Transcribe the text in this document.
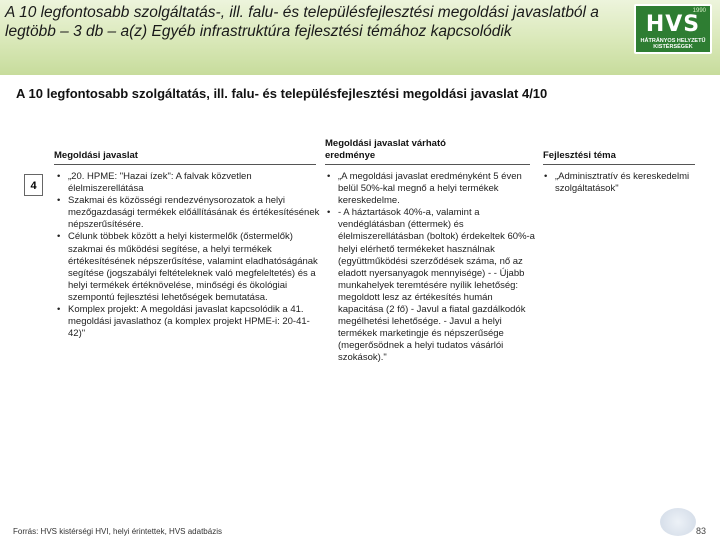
A 10 legfontosabb szolgáltatás-, ill. falu- és településfejlesztési megoldási javaslatból a legtöbb – 3 db – a(z) Egyéb infrastruktúra fejlesztési témához kapcsolódik
1990
HVS
HÁTRÁNYOS HELYZETŰ KISTÉRSÉGEK
A 10 legfontosabb szolgáltatás, ill. falu- és településfejlesztési megoldási javaslat 4/10
Megoldási javaslat
Megoldási javaslat várható eredménye	Fejlesztési téma
4
• „20. HPME: "Hazai ízek": A falvak közvetlen élelmiszerellátása
• Szakmai és közösségi rendezvénysorozatok a helyi mezőgazdasági termékek előállításának és értékesítésének népszerűsítésére.
• Célunk többek között a helyi kistermelők (őstermelők) szakmai és működési segítése, a helyi termékek értékesítésének népszerűsítése, valamint eladhatóságának segítése (jogszabályi feltételeknek való megfeleltetés) és a helyi termékek értéknövelése, minőségi és ökológiai szempontú fejlesztési lehetőségek bemutatása.
• Komplex projekt: A megoldási javaslat kapcsolódik a 41. megoldási javaslathoz (a komplex projekt HPME-i: 20-41-42)"
• „A megoldási javaslat eredményként 5 éven belül 50%-kal megnő a helyi termékek kereskedelme.
• - A háztartások 40%-a, valamint a vendéglátásban (éttermek) és élelmiszerellátásban (boltok) érdekeltek 60%-a helyi elérhető termékeket használnak (együttműködési szerződések száma, nő az eladott nyersanyagok mennyisége) - - Újabb munkahelyek teremtésére nyílik lehetőség: megoldott lesz az értékesítés humán kapacitása (2 fő) - Javul a fiatal gazdálkodók megélhetési lehetősége. - Javul a helyi termékek marketingje és népszerűsége (megerősödnek a helyi tudatos vásárlói szokások)."
• „Adminisztratív és kereskedelmi szolgáltatások"
Forrás: HVS kistérségi HVI, helyi érintettek, HVS adatbázis	83
